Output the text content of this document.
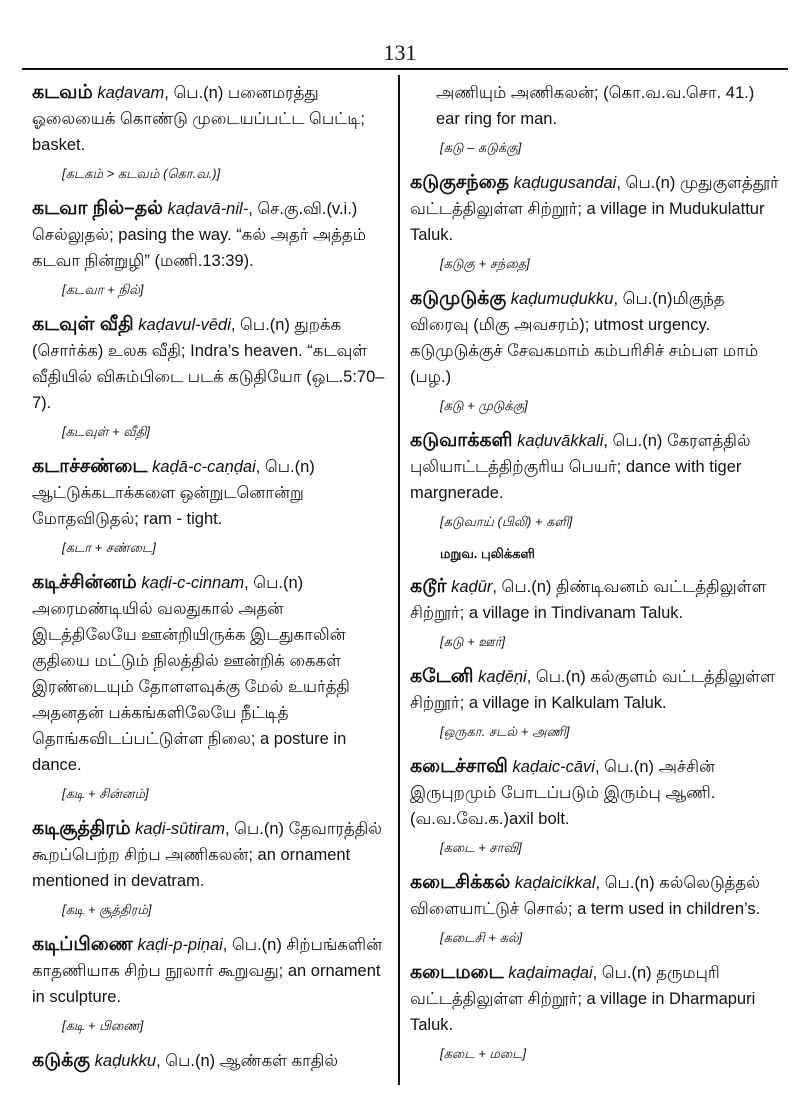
131
கடவம் kaḍavam, பெ.(n) பனைமரத்து ஓலையைக் கொண்டு முடையப்பட்ட பெட்டி; basket.
[கடகம் > கடவம் (கொ.வ.)]
கடவா நில்–தல் kaḍavā-nil-, செ.கு.வி.(v.i.) செல்லுதல்; pasing the way. “கல் அதர் அத்தம் கடவா நின்றுழி” (மணி.13:39).
[கடவா + நில்]
கடவுள் வீதி kaḍavul-vēdi, பெ.(n) துறக்க (சொர்க்க) உலக வீதி; Indra’s heaven. “கடவுள் வீதியில் விசும்பிடை படக் கடுதியோ (ஒட.5:70–7).
[கடவுள் + வீதி]
கடாச்சண்டை kaḍā-c-caṇḍai, பெ.(n) ஆட்டுக்கடாக்களை ஒன்றுடனொன்று மோதவிடுதல்; ram - tight.
[கடா + சண்டை]
கடிச்சின்னம் kaḍi-c-cinnam, பெ.(n) அரைமண்டியில் வலதுகால் அதன் இடத்திலேயே ஊன்றியிருக்க இடதுகாலின் குதியை மட்டும் நிலத்தில் ஊன்றிக் கைகள் இரண்டையும் தோளளவுக்கு மேல் உயர்த்தி அதனதன் பக்கங்களிலேயே நீட்டித் தொங்கவிடப்பட்டுள்ள நிலை; a posture in dance.
[கடி + சின்னம்]
கடிசூத்திரம் kaḍi-sūtiram, பெ.(n) தேவாரத்தில் கூறப்பெற்ற சிற்ப அணிகலன்; an ornament mentioned in devatram.
[கடி + சூத்திரம்]
கடிப்பிணை kaḍi-p-piṇai, பெ.(n) சிற்பங்களின் காதணியாக சிற்ப நூலார் கூறுவது; an ornament in sculpture.
[கடி + பிணை]
கடுக்கு kaḍukku, பெ.(n) ஆண்கள் காதில்
அணியும் அணிகலன்; (கொ.வ.வ.சொ. 41.) ear ring for man.
[கடு – கடுக்கு]
கடுகுசந்தை kaḍugusandai, பெ.(n) முதுகுளத்தூர் வட்டத்திலுள்ள சிற்றூர்; a village in Mudukulattur Taluk.
[கடுகு + சந்தை]
கடுமுடுக்கு kaḍumuḍukku, பெ.(n)மிகுந்த விரைவு (மிகு அவசரம்); utmost urgency. கடுமுடுக்குச் சேவகமாம் கம்பரிசிச் சம்பள மாம் (பழ.)
[கடு + முடுக்கு]
கடுவாக்களி kaḍuvākkali, பெ.(n) கேரளத்தில் புலியாட்டத்திற்குரிய பெயர்; dance with tiger margnerade.
[கடுவாய் (பிலி) + களி]
மறுவ. புலிக்களி
கடூர் kaḍūr, பெ.(n) திண்டிவனம் வட்டத்திலுள்ள சிற்றூர்; a village in Tindivanam Taluk.
[கடு + ஊர்]
கடேனி kaḍēṇi, பெ.(n) கல்குளம் வட்டத்திலுள்ள சிற்றூர்; a village in Kalkulam Taluk.
[ஒருகா. சடல் + அணி]
கடைச்சாவி kaḍaic-cāvi, பெ.(n) அச்சின் இருபுறமும் போடப்படும் இரும்பு ஆணி. (வ.வ.வே.க.)axil bolt.
[கடை + சாவி]
கடைசிக்கல் kaḍaicikkal, பெ.(n) கல்லெடுத்தல் விளையாட்டுச் சொல்; a term used in children’s.
[கடைசி + கல்]
கடைமடை kaḍaimaḍai, பெ.(n) தருமபுரி வட்டத்திலுள்ள சிற்றூர்; a village in Dharmapuri Taluk.
[கடை + மடை]
